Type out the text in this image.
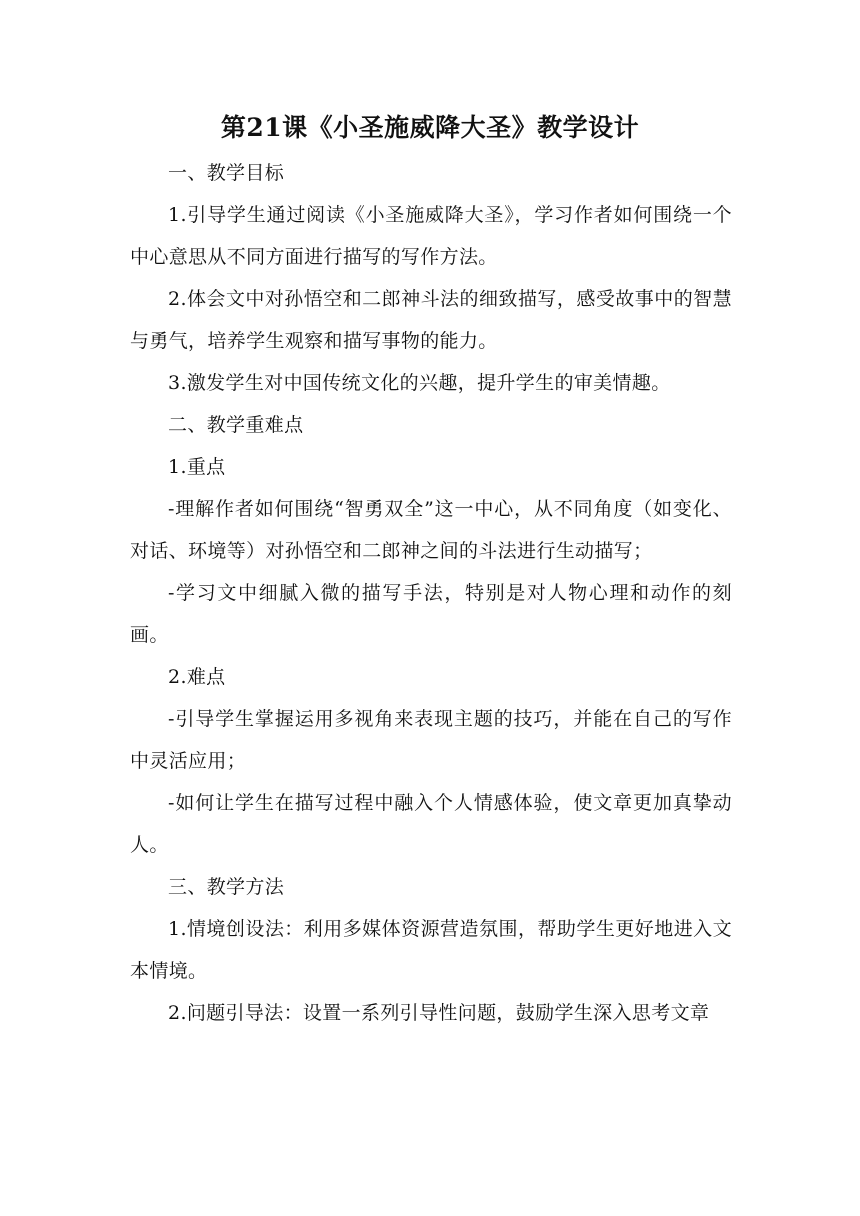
第21课《小圣施威降大圣》教学设计

一、教学目标

1.引导学生通过阅读《小圣施威降大圣》，学习作者如何围绕一个中心意思从不同方面进行描写的写作方法。

2.体会文中对孙悟空和二郎神斗法的细致描写，感受故事中的智慧与勇气，培养学生观察和描写事物的能力。

3.激发学生对中国传统文化的兴趣，提升学生的审美情趣。

二、教学重难点

1.重点

-理解作者如何围绕“智勇双全”这一中心，从不同角度（如变化、对话、环境等）对孙悟空和二郎神之间的斗法进行生动描写；

-学习文中细腻入微的描写手法，特别是对人物心理和动作的刻画。

2.难点

-引导学生掌握运用多视角来表现主题的技巧，并能在自己的写作中灵活应用；

-如何让学生在描写过程中融入个人情感体验，使文章更加真挚动人。

三、教学方法

1.情境创设法：利用多媒体资源营造氛围，帮助学生更好地进入文本情境。

2.问题引导法：设置一系列引导性问题，鼓励学生深入思考文章
